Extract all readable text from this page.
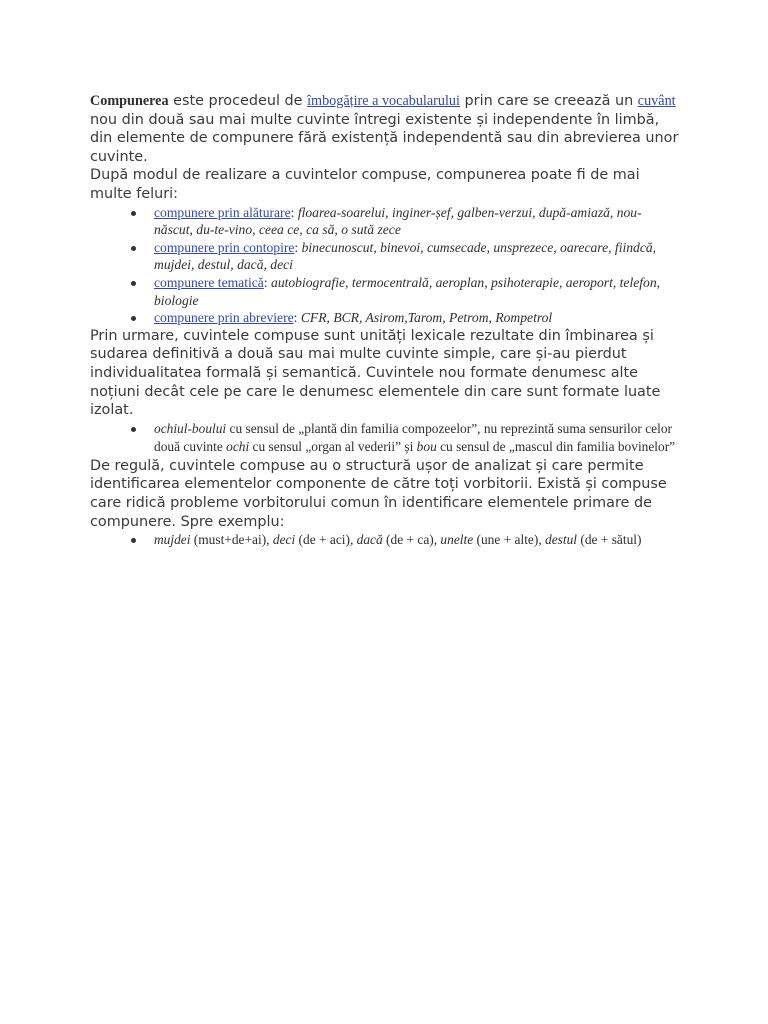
Compunerea este procedeul de îmbogățire a vocabularului prin care se creează un cuvânt nou din două sau mai multe cuvinte întregi existente și independente în limbă, din elemente de compunere fără existență independentă sau din abrevierea unor cuvinte.

După modul de realizare a cuvintelor compuse, compunerea poate fi de mai multe feluri:

compunere prin alăturare: floarea-soarelui, inginer-șef, galben-verzui, după-amiază, nou-născut, du-te-vino, ceea ce, ca să, o sută zece
compunere prin contopire: binecunoscut, binevoi, cumsecade, unsprezece, oarecare, fiindcă, mujdei, destul, dacă, deci
compunere tematică: autobiografie, termocentrală, aeroplan, psihoterapie, aeroport, telefon, biologie
compunere prin abreviere: CFR, BCR, Asirom,Tarom, Petrom, Rompetrol

Prin urmare, cuvintele compuse sunt unități lexicale rezultate din îmbinarea și sudarea definitivă a două sau mai multe cuvinte simple, care și-au pierdut individualitatea formală și semantică. Cuvintele nou formate denumesc alte noțiuni decât cele pe care le denumesc elementele din care sunt formate luate izolat.

ochiul-boului cu sensul de „plantă din familia compozeelor”, nu reprezintă suma sensurilor celor două cuvinte ochi cu sensul „organ al vederii” și bou cu sensul de „mascul din familia bovinelor”

De regulă, cuvintele compuse au o structură ușor de analizat și care permite identificarea elementelor componente de către toți vorbitorii. Există și compuse care ridică probleme vorbitorului comun în identificare elementele primare de compunere. Spre exemplu:

mujdei (must+de+ai), deci (de + aci), dacă (de + ca), unelte (une + alte), destul (de + sătul)
